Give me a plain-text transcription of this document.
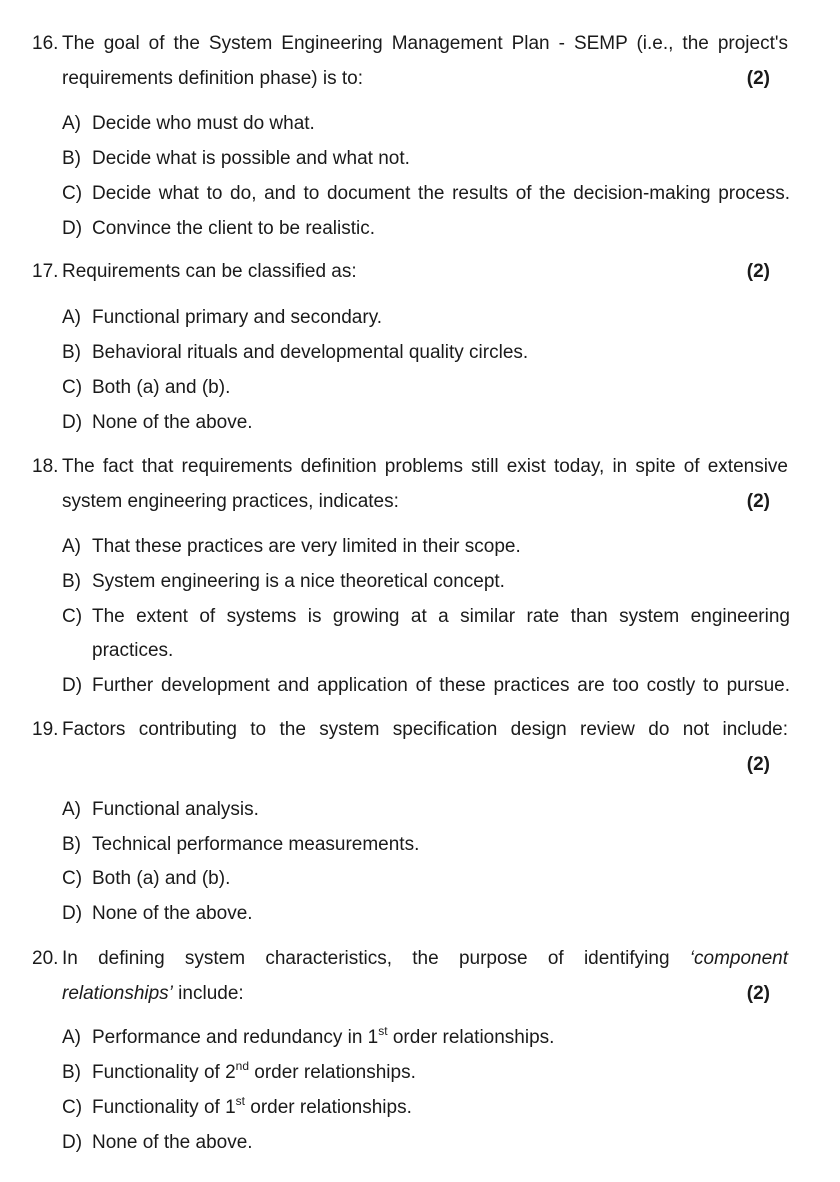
16. The goal of the System Engineering Management Plan - SEMP (i.e., the project's
requirements definition phase) is to:	(2)
A) Decide who must do what.
B) Decide what is possible and what not.
C) Decide what to do, and to document the results of the decision-making process.
D) Convince the client to be realistic.
17. Requirements can be classified as:	(2)
A) Functional primary and secondary.
B) Behavioral rituals and developmental quality circles.
C) Both (a) and (b).
D) None of the above.
18. The fact that requirements definition problems still exist today, in spite of extensive
system engineering practices, indicates:	(2)
A) That these practices are very limited in their scope.
B) System engineering is a nice theoretical concept.
C) The extent of systems is growing at a similar rate than system engineering
practices.
D) Further development and application of these practices are too costly to pursue.
19. Factors contributing to the system specification design review do not include:
(2)
A) Functional analysis.
B) Technical performance measurements.
C) Both (a) and (b).
D) None of the above.
20. In defining system characteristics, the purpose of identifying ‘component
relationships’ include:	(2)
A) Performance and redundancy in 1st order relationships.
B) Functionality of 2nd order relationships.
C) Functionality of 1st order relationships.
D) None of the above.
